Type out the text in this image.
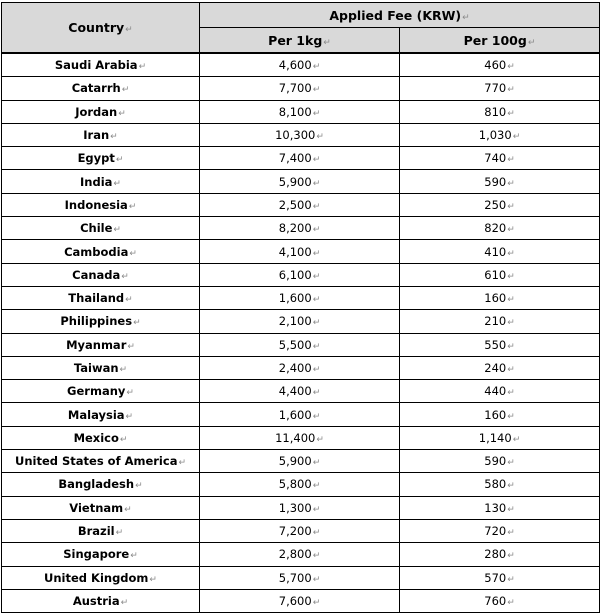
Country↵	Applied Fee (KRW)↵	
	Per 1kg↵	Per 100g↵
Saudi Arabia↵	4,600↵	460↵
Catarrh↵	7,700↵	770↵
Jordan↵	8,100↵	810↵
Iran↵	10,300↵	1,030↵
Egypt↵	7,400↵	740↵
India↵	5,900↵	590↵
Indonesia↵	2,500↵	250↵
Chile↵	8,200↵	820↵
Cambodia↵	4,100↵	410↵
Canada↵	6,100↵	610↵
Thailand↵	1,600↵	160↵
Philippines↵	2,100↵	210↵
Myanmar↵	5,500↵	550↵
Taiwan↵	2,400↵	240↵
Germany↵	4,400↵	440↵
Malaysia↵	1,600↵	160↵
Mexico↵	11,400↵	1,140↵
United States of America↵	5,900↵	590↵
Bangladesh↵	5,800↵	580↵
Vietnam↵	1,300↵	130↵
Brazil↵	7,200↵	720↵
Singapore↵	2,800↵	280↵
United Kingdom↵	5,700↵	570↵
Austria↵	7,600↵	760↵
